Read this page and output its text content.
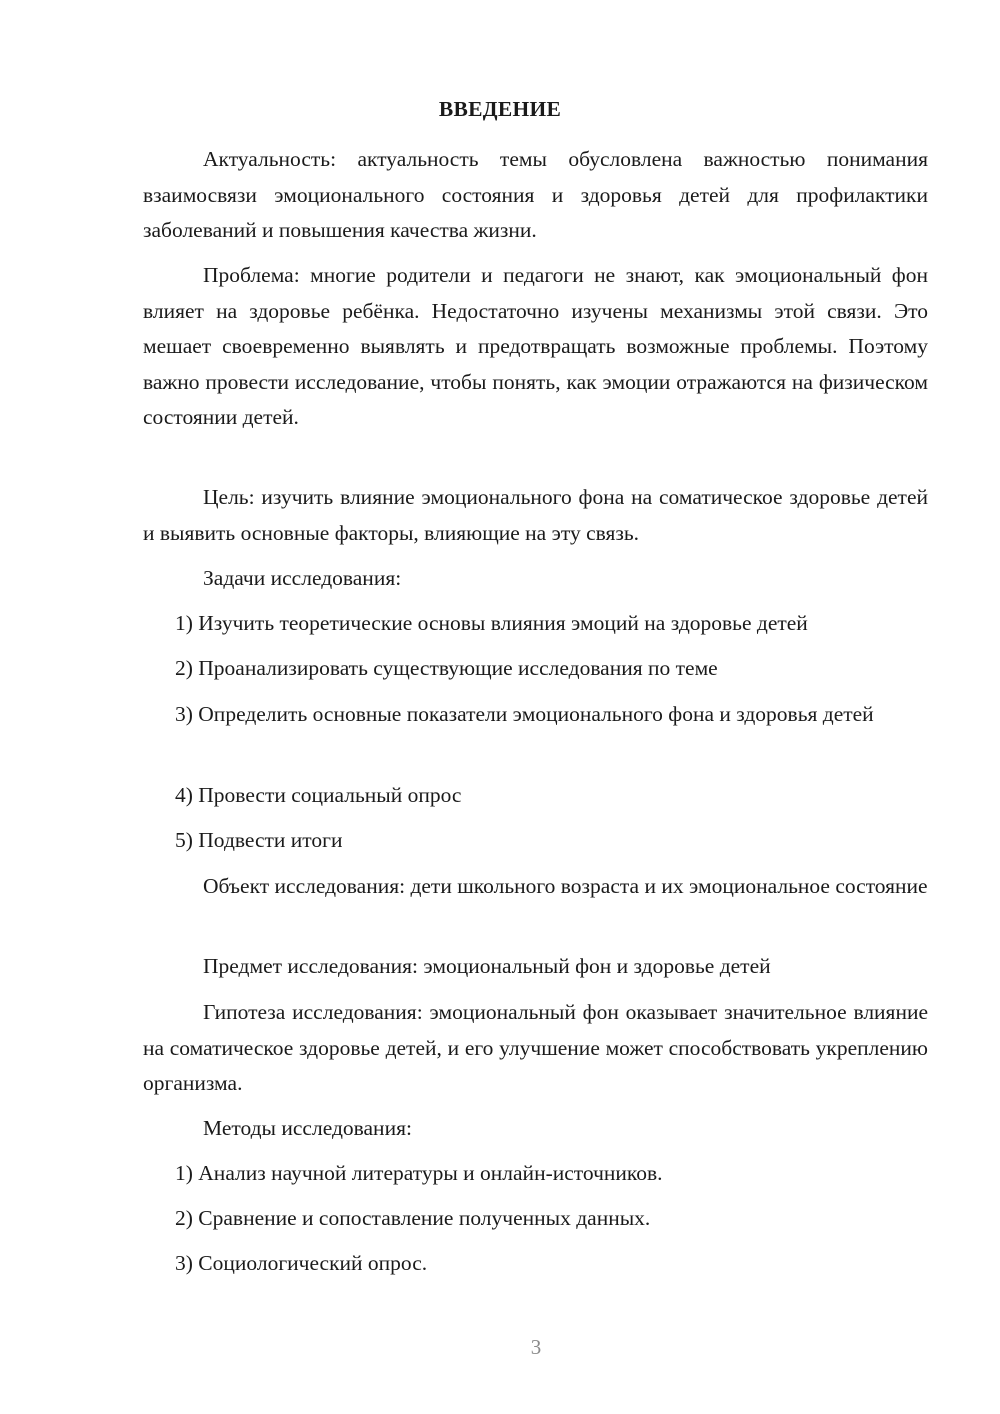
ВВЕДЕНИЕ

Актуальность: актуальность темы обусловлена важностью понимания взаимосвязи эмоционального состояния и здоровья детей для профилактики заболеваний и повышения качества жизни.

Проблема: многие родители и педагоги не знают, как эмоциональный фон влияет на здоровье ребёнка. Недостаточно изучены механизмы этой связи. Это мешает своевременно выявлять и предотвращать возможные проблемы. Поэтому важно провести исследование, чтобы понять, как эмоции отражаются на физическом состоянии детей.

Цель: изучить влияние эмоционального фона на соматическое здоровье детей и выявить основные факторы, влияющие на эту связь.

Задачи исследования:

1) Изучить теоретические основы влияния эмоций на здоровье детей

2) Проанализировать существующие исследования по теме

3) Определить основные показатели эмоционального фона и здоровья детей

4) Провести социальный опрос

5) Подвести итоги

Объект исследования: дети школьного возраста и их эмоциональное состояние

Предмет исследования: эмоциональный фон и здоровье детей

Гипотеза исследования: эмоциональный фон оказывает значительное влияние на соматическое здоровье детей, и его улучшение может способствовать укреплению организма.

Методы исследования:

1) Анализ научной литературы и онлайн-источников.

2) Сравнение и сопоставление полученных данных.

3) Социологический опрос.

3
